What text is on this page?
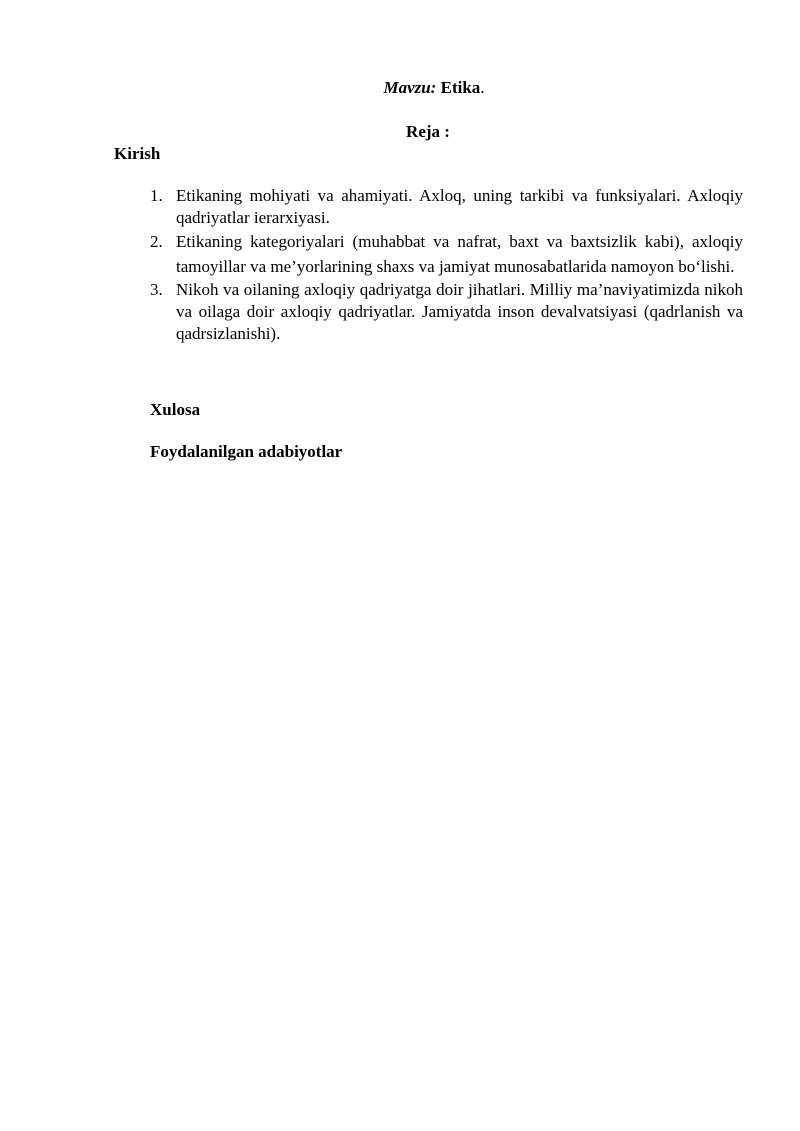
Mavzu: Etika.
Reja :
Kirish
1. Etikaning mohiyati va ahamiyati. Axloq, uning tarkibi va funksiyalari. Axloqiy qadriyatlar ierarxiyasi.
2. Etikaning kategoriyalari (muhabbat va nafrat, baxt va baxtsizlik kabi), axloqiy tamoyillar va me’yorlarining shaxs va jamiyat munosabatlarida namoyon bo‘lishi.
3. Nikoh va oilaning axloqiy qadriyatga doir jihatlari. Milliy ma’naviyatimizda nikoh va oilaga doir axloqiy qadriyatlar. Jamiyatda inson devalvatsiyasi (qadrlanish va qadrsizlanishi).
Xulosa
Foydalanilgan adabiyotlar
